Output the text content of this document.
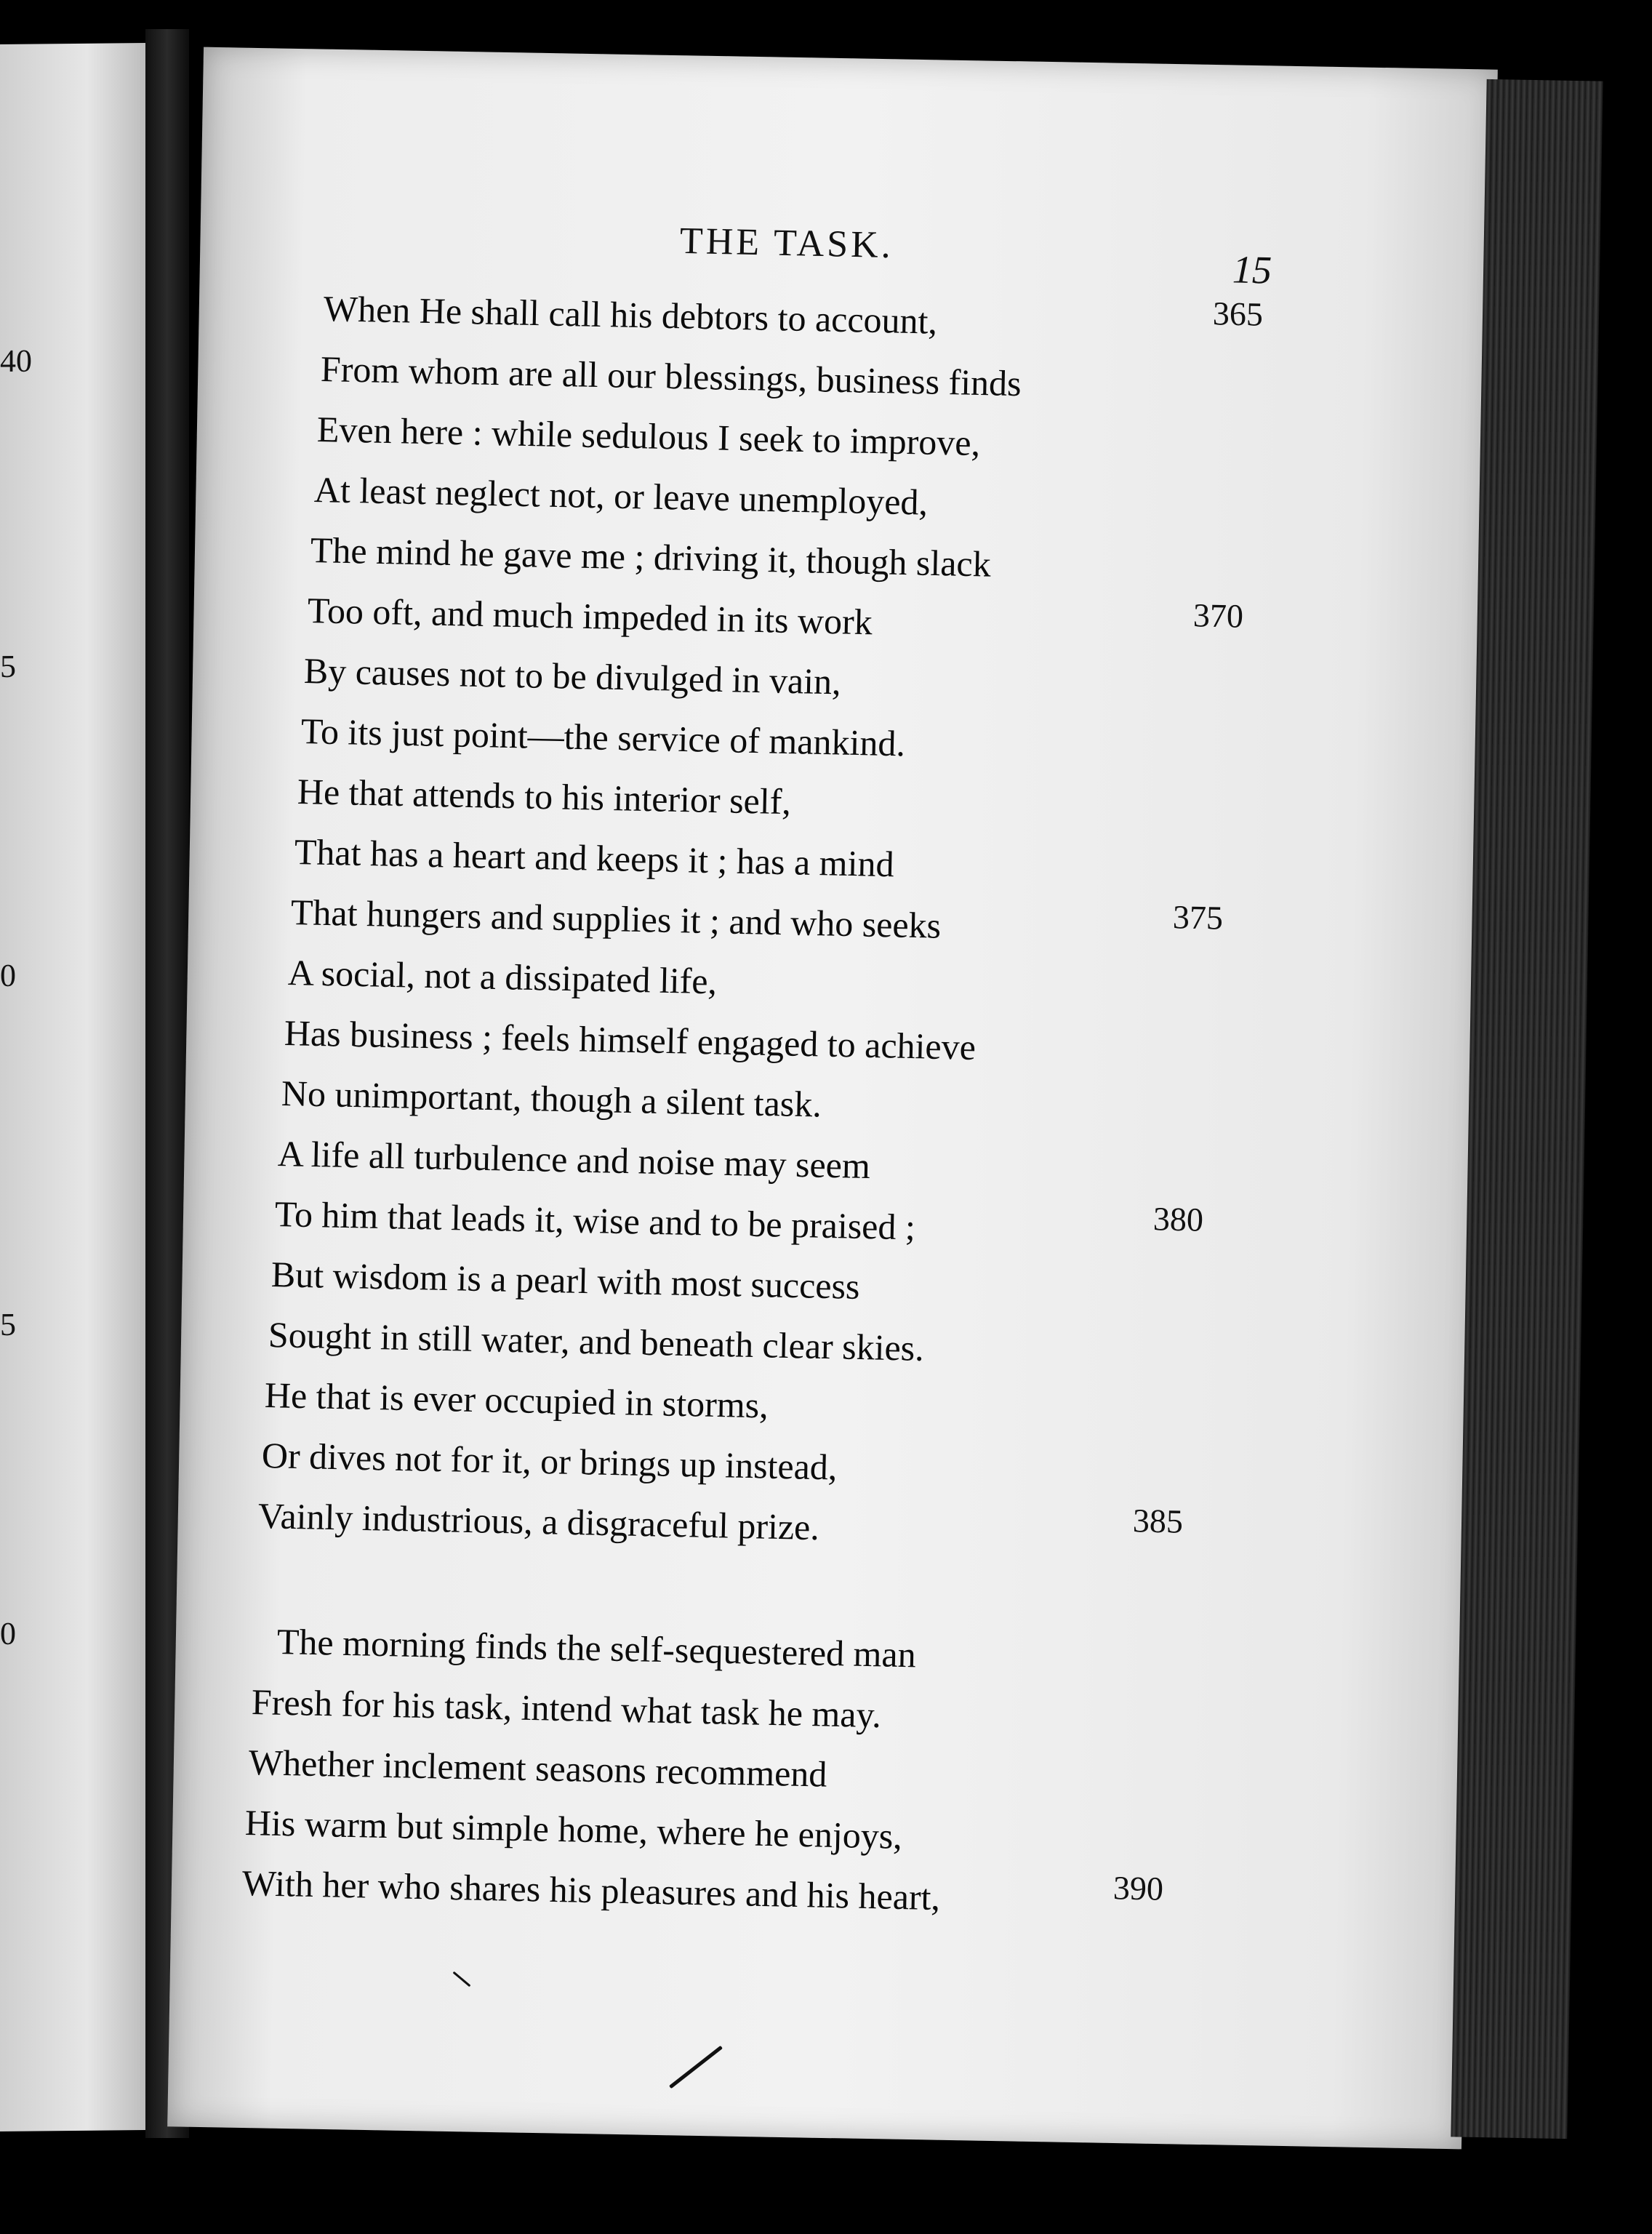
40
5
0
5
0
THE TASK.
15
When He shall call his debtors to account,	365
From whom are all our blessings, business finds
Even here : while sedulous I seek to improve,
At least neglect not, or leave unemployed,
The mind he gave me ; driving it, though slack
Too oft, and much impeded in its work	370
By causes not to be divulged in vain,
To its just point—the service of mankind.
He that attends to his interior self,
That has a heart and keeps it ; has a mind
That hungers and supplies it ; and who seeks	375
A social, not a dissipated life,
Has business ; feels himself engaged to achieve
No unimportant, though a silent task.
A life all turbulence and noise may seem
To him that leads it, wise and to be praised ;	380
But wisdom is a pearl with most success
Sought in still water, and beneath clear skies.
He that is ever occupied in storms,
Or dives not for it, or brings up instead,
Vainly industrious, a disgraceful prize.	385
The morning finds the self-sequestered man
Fresh for his task, intend what task he may.
Whether inclement seasons recommend
His warm but simple home, where he enjoys,
With her who shares his pleasures and his heart,	390
